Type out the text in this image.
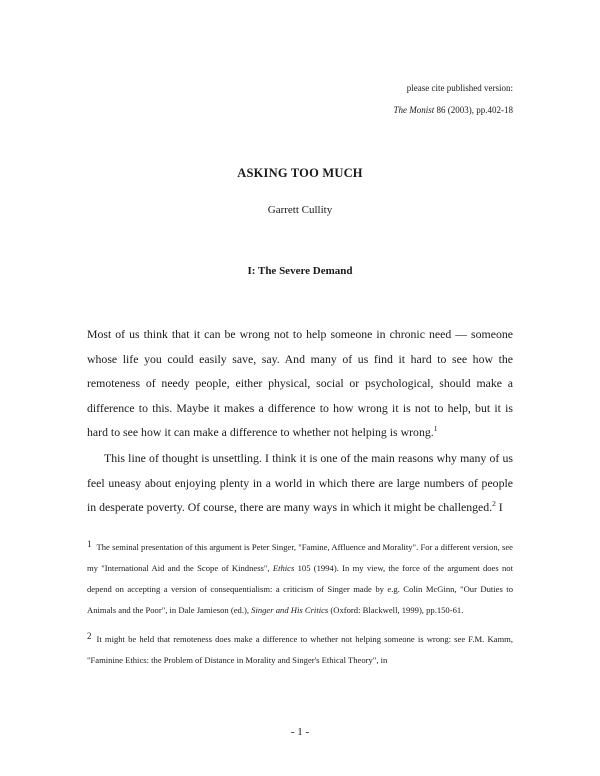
please cite published version:
The Monist 86 (2003), pp.402-18
ASKING TOO MUCH
Garrett Cullity
I: The Severe Demand

Most of us think that it can be wrong not to help someone in chronic need — someone whose life you could easily save, say. And many of us find it hard to see how the remoteness of needy people, either physical, social or psychological, should make a difference to this. Maybe it makes a difference to how wrong it is not to help, but it is hard to see how it can make a difference to whether not helping is wrong.$^1$

This line of thought is unsettling. I think it is one of the main reasons why many of us feel uneasy about enjoying plenty in a world in which there are large numbers of people in desperate poverty. Of course, there are many ways in which it might be challenged.$^2$ I

1 The seminal presentation of this argument is Peter Singer, "Famine, Affluence and Morality". For a different version, see my "International Aid and the Scope of Kindness", Ethics 105 (1994). In my view, the force of the argument does not depend on accepting a version of consequentialism: a criticism of Singer made by e.g. Colin McGinn, "Our Duties to Animals and the Poor", in Dale Jamieson (ed.), Singer and His Critics (Oxford: Blackwell, 1999), pp.150-61.
2 It might be held that remoteness does make a difference to whether not helping someone is wrong: see F.M. Kamm, "Faminine Ethics: the Problem of Distance in Morality and Singer's Ethical Theory", in
- 1 -
